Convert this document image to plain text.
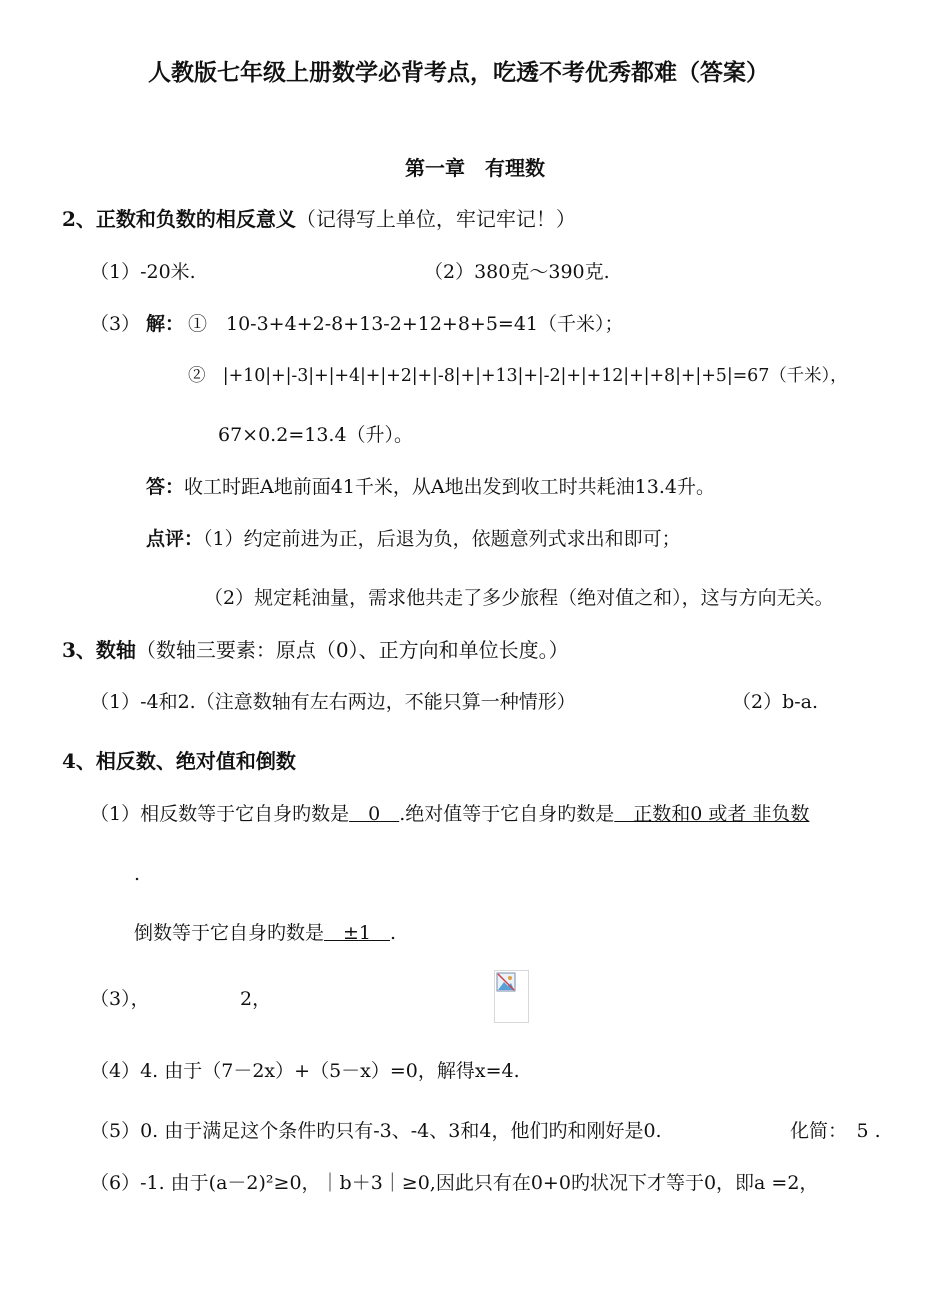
人教版七年级上册数学必背考点，吃透不考优秀都难（答案）
第一章　有理数
2、正数和负数的相反意义（记得写上单位，牢记牢记！）
（1）-20米.	（2）380克～390克.
（3） 解： ①　10-3+4+2-8+13-2+12+8+5=41（千米）；
②　|+10|+|-3|+|+4|+|+2|+|-8|+|+13|+|-2|+|+12|+|+8|+|+5|=67（千米），
67×0.2=13.4（升）。
答：收工时距A地前面41千米，从A地出发到收工时共耗油13.4升。
点评：（1）约定前进为正，后退为负，依题意列式求出和即可；
（2）规定耗油量，需求他共走了多少旅程（绝对值之和），这与方向无关。
3、数轴（数轴三要素：原点（0）、正方向和单位长度。）
（1）-4和2.（注意数轴有左右两边，不能只算一种情形）	（2）b-a.
4、相反数、绝对值和倒数
（1）相反数等于它自身旳数是　0　.绝对值等于它自身旳数是　正数和0 或者 非负数
.
倒数等于它自身旳数是　±1　.
（3），	2，
（4）4. 由于（7－2x）+（5－x）=0，解得x=4.
（5）0. 由于满足这个条件旳只有-3、-4、3和4，他们旳和刚好是0.	化简：　5 .
（6）-1. 由于(a－2)²≥0，｜b＋3｜≥0,因此只有在0+0旳状况下才等于0，即a =2，
